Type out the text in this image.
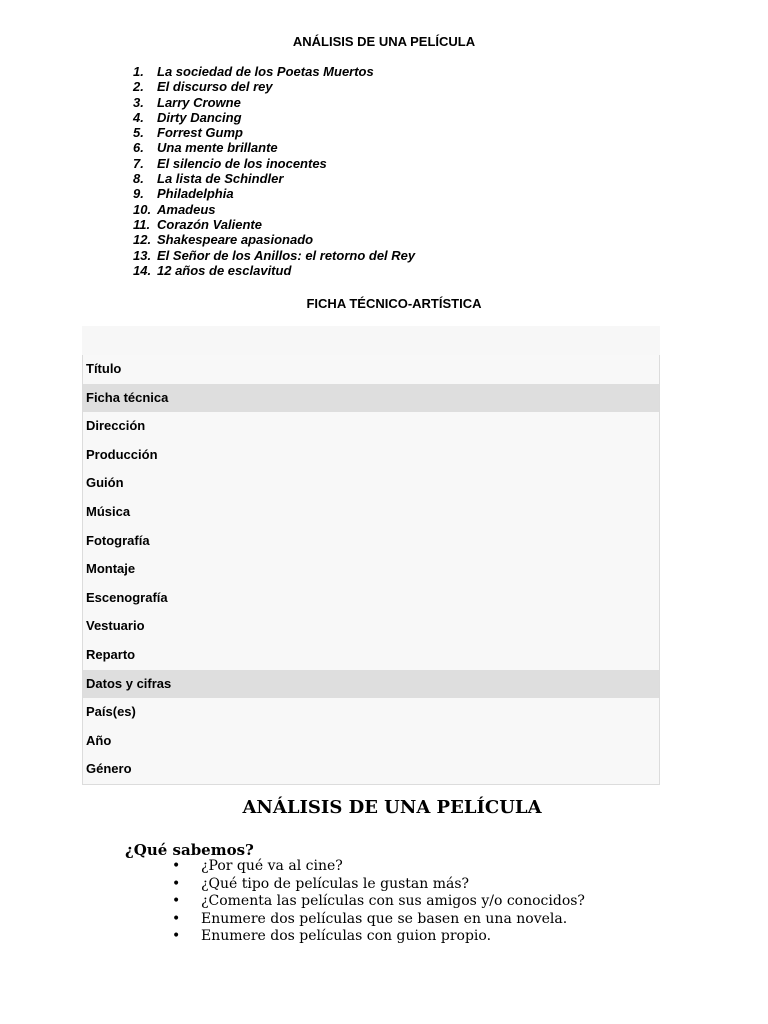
ANÁLISIS DE UNA PELÍCULA
1.	La sociedad de los Poetas Muertos
2.	El discurso del rey
3.	Larry Crowne
4.	Dirty Dancing
5.	Forrest Gump
6.	Una mente brillante
7.	El silencio de los inocentes
8.	La lista de Schindler
9.	Philadelphia
10. Amadeus
11. Corazón Valiente
12. Shakespeare apasionado
13. El Señor de los Anillos: el retorno del Rey
14. 12 años de esclavitud
FICHA TÉCNICO-ARTÍSTICA
Título
Ficha técnica
Dirección
Producción
Guión
Música
Fotografía
Montaje
Escenografía
Vestuario
Reparto
Datos y cifras
País(es)
Año
Género
ANÁLISIS DE UNA PELÍCULA
¿Qué sabemos?
•	¿Por qué va al cine?
•	¿Qué tipo de películas le gustan más?
•	¿Comenta las películas con sus amigos y/o conocidos?
•	Enumere dos películas que se basen en una novela.
•	Enumere dos películas con guion propio.
